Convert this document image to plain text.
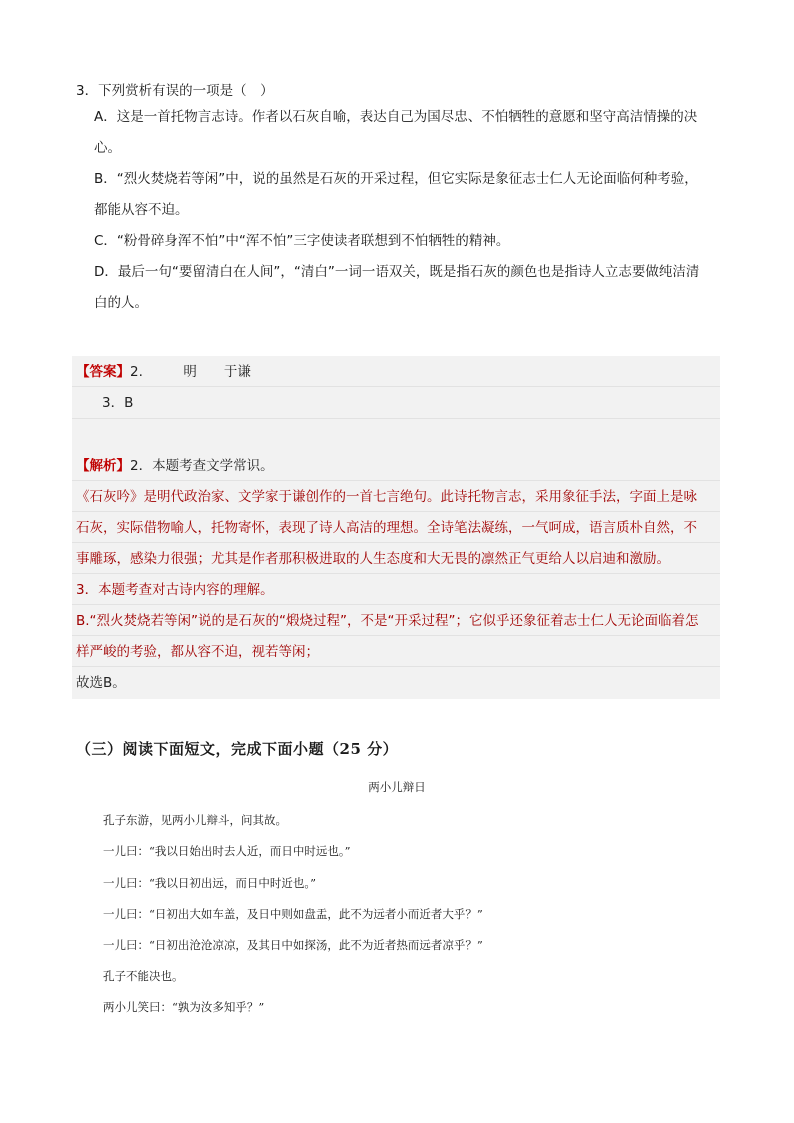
3．下列赏析有误的一项是（　）
A．这是一首托物言志诗。作者以石灰自喻，表达自己为国尽忠、不怕牺牲的意愿和坚守高洁情操的决
心。
B．“烈火焚烧若等闲”中，说的虽然是石灰的开采过程，但它实际是象征志士仁人无论面临何种考验，
都能从容不迫。
C．“粉骨碎身浑不怕”中“浑不怕”三字使读者联想到不怕牺牲的精神。
D．最后一句“要留清白在人间”，“清白”一词一语双关，既是指石灰的颜色也是指诗人立志要做纯洁清
白的人。
【答案】2.　　　明　　于谦
3．B
【解析】2．本题考查文学常识。
《石灰吟》是明代政治家、文学家于谦创作的一首七言绝句。此诗托物言志，采用象征手法，字面上是咏
石灰，实际借物喻人，托物寄怀，表现了诗人高洁的理想。全诗笔法凝练，一气呵成，语言质朴自然，不
事雕琢，感染力很强；尤其是作者那积极进取的人生态度和大无畏的凛然正气更给人以启迪和激励。
3．本题考查对古诗内容的理解。
B.“烈火焚烧若等闲”说的是石灰的“煅烧过程”，不是“开采过程”；它似乎还象征着志士仁人无论面临着怎
样严峻的考验，都从容不迫，视若等闲；
故选B。
（三）阅读下面短文，完成下面小题（25 分）
两小儿辩日
孔子东游，见两小儿辩斗，问其故。
一儿曰：“我以日始出时去人近，而日中时远也。”
一儿曰：“我以日初出远，而日中时近也。”
一儿曰：“日初出大如车盖，及日中则如盘盂，此不为远者小而近者大乎？”
一儿曰：“日初出沧沧凉凉，及其日中如探汤，此不为近者热而远者凉乎？”
孔子不能决也。
两小儿笑曰：“孰为汝多知乎？”
